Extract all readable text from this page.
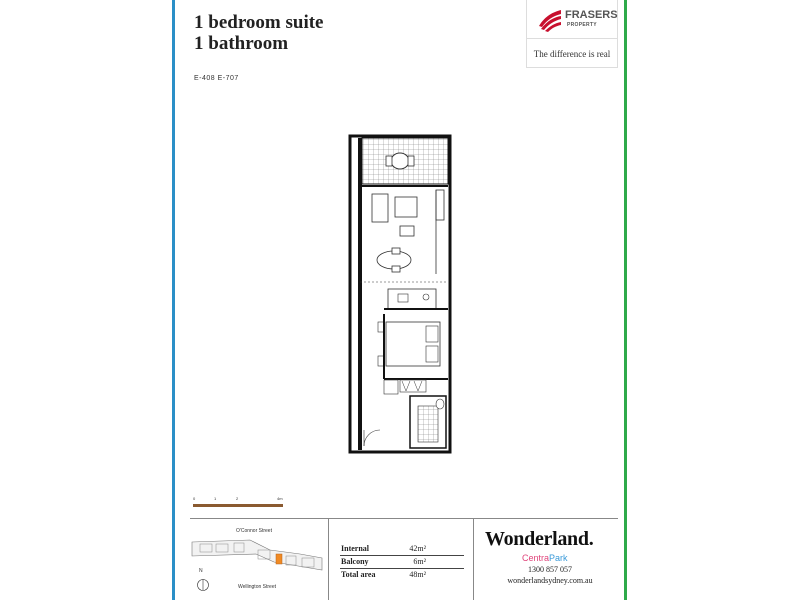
1 bedroom suite
1 bathroom
E-408 E-707
FRASERS
PROPERTY
The difference is real
0	1	2	4m
O'Connor Street
N
Wellington Street
Internal	42m²
Balcony	6m²
Total area	48m²
Wonderland.
CentraPark
1300 857 057
wonderlandsydney.com.au
